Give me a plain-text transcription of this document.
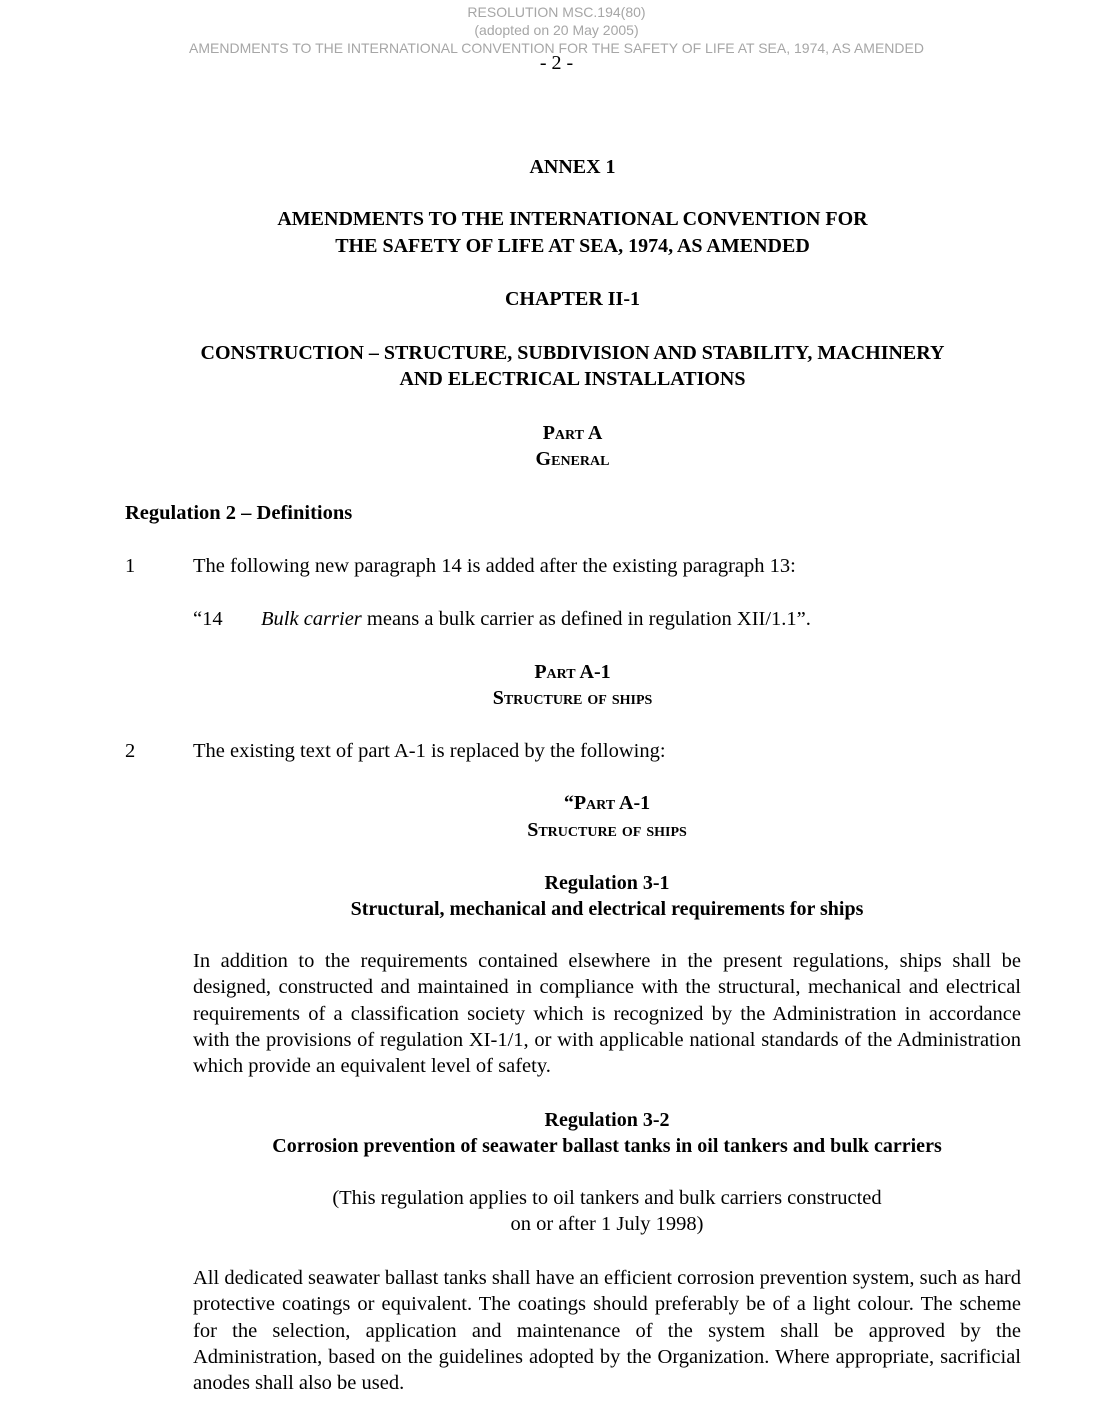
RESOLUTION MSC.194(80)
(adopted on 20 May 2005)
AMENDMENTS TO THE INTERNATIONAL CONVENTION FOR THE SAFETY OF LIFE AT SEA, 1974, AS AMENDED
- 2 -
ANNEX 1
AMENDMENTS TO THE INTERNATIONAL CONVENTION FOR
THE SAFETY OF LIFE AT SEA, 1974, AS AMENDED
CHAPTER II-1
CONSTRUCTION – STRUCTURE, SUBDIVISION AND STABILITY, MACHINERY
AND ELECTRICAL INSTALLATIONS
Part A
General
Regulation 2 – Definitions
1	The following new paragraph 14 is added after the existing paragraph 13:
“14 Bulk carrier means a bulk carrier as defined in regulation XII/1.1”.
Part A-1
Structure of ships
2	The existing text of part A-1 is replaced by the following:
“Part A-1
Structure of ships
Regulation 3-1
Structural, mechanical and electrical requirements for ships
In addition to the requirements contained elsewhere in the present regulations, ships shall be designed, constructed and maintained in compliance with the structural, mechanical and electrical requirements of a classification society which is recognized by the Administration in accordance with the provisions of regulation XI-1/1, or with applicable national standards of the Administration which provide an equivalent level of safety.
Regulation 3-2
Corrosion prevention of seawater ballast tanks in oil tankers and bulk carriers
(This regulation applies to oil tankers and bulk carriers constructed
on or after 1 July 1998)
All dedicated seawater ballast tanks shall have an efficient corrosion prevention system, such as hard protective coatings or equivalent. The coatings should preferably be of a light colour. The scheme for the selection, application and maintenance of the system shall be approved by the Administration, based on the guidelines adopted by the Organization. Where appropriate, sacrificial anodes shall also be used.
